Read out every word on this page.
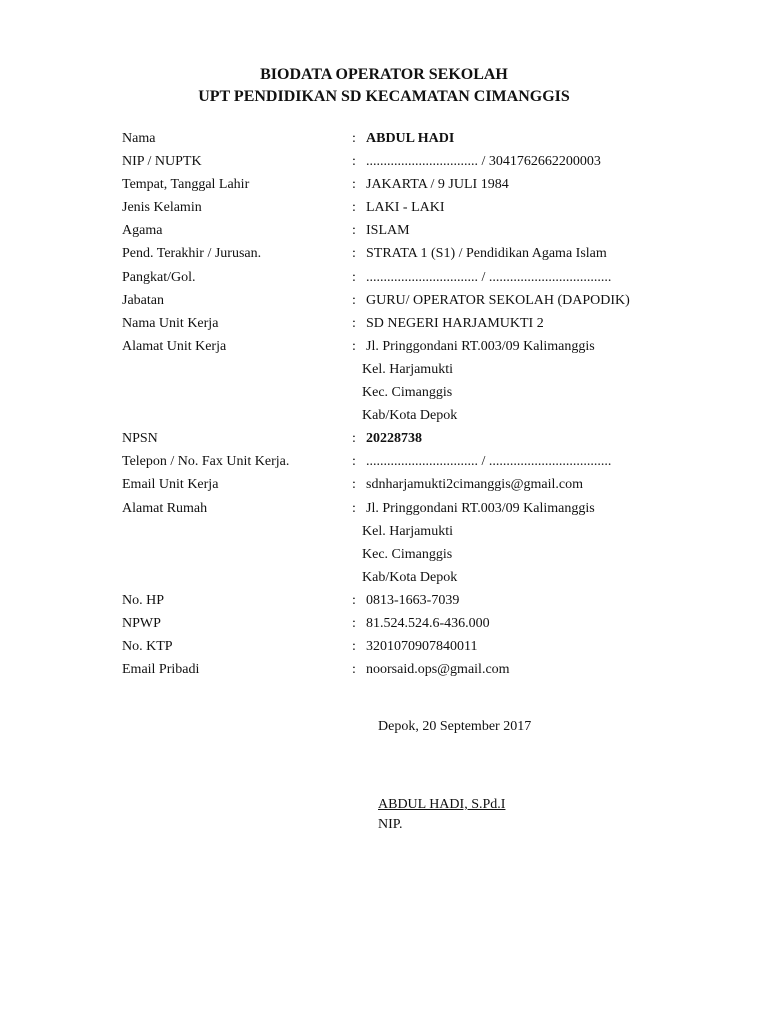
BIODATA OPERATOR SEKOLAH
UPT PENDIDIKAN SD KECAMATAN CIMANGGIS
Nama	: ABDUL HADI
NIP / NUPTK	: ................................ / 3041762662200003
Tempat, Tanggal Lahir	: JAKARTA / 9 JULI 1984
Jenis Kelamin	: LAKI - LAKI
Agama	: ISLAM
Pend. Terakhir / Jurusan.	: STRATA 1 (S1) / Pendidikan Agama Islam
Pangkat/Gol.	: ................................ / ...................................
Jabatan	: GURU/ OPERATOR SEKOLAH (DAPODIK)
Nama Unit Kerja	: SD NEGERI HARJAMUKTI 2
Alamat Unit Kerja	: Jl. Pringgondani RT.003/09 Kalimanggis
Kel. Harjamukti
Kec. Cimanggis
Kab/Kota Depok
NPSN	: 20228738
Telepon / No. Fax Unit Kerja.	: ................................ / ...................................
Email Unit Kerja	: sdnharjamukti2cimanggis@gmail.com
Alamat Rumah	: Jl. Pringgondani RT.003/09 Kalimanggis
Kel. Harjamukti
Kec. Cimanggis
Kab/Kota Depok
No. HP	: 0813-1663-7039
NPWP	: 81.524.524.6-436.000
No. KTP	: 3201070907840011
Email Pribadi	: noorsaid.ops@gmail.com
Depok, 20 September 2017
ABDUL HADI, S.Pd.I
NIP.
